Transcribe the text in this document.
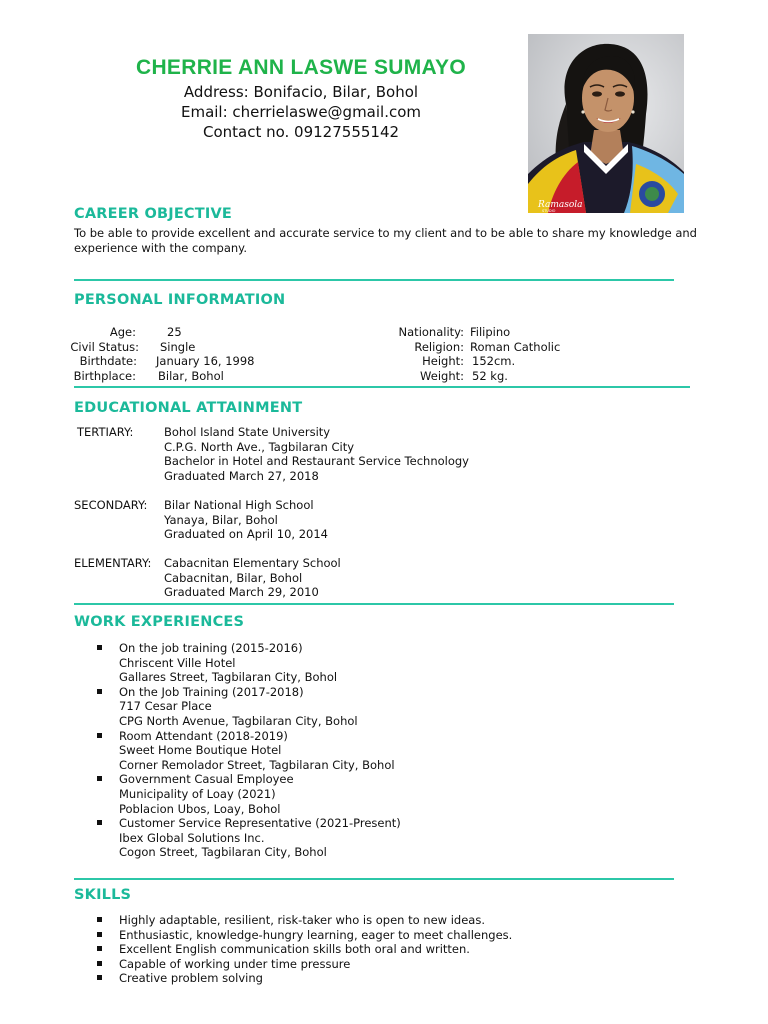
CHERRIE ANN LASWE SUMAYO
Address: Bonifacio, Bilar, Bohol
Email: cherrielaswe@gmail.com
Contact no. 09127555142
Ramasola
STUDIO
CAREER OBJECTIVE
To be able to provide excellent and accurate service to my client and to be able to share my knowledge and experience with the company.
PERSONAL INFORMATION
Age:	25
Civil Status: Single
Birthdate: January 16, 1998
Birthplace: Bilar, Bohol
Nationality: Filipino
Religion: Roman Catholic
Height: 152cm.
Weight: 52 kg.
EDUCATIONAL ATTAINMENT
TERTIARY:	Bohol Island State University
C.P.G. North Ave., Tagbilaran City
Bachelor in Hotel and Restaurant Service Technology
Graduated March 27, 2018
SECONDARY: Bilar National High School
Yanaya, Bilar, Bohol
Graduated on April 10, 2014
ELEMENTARY: Cabacnitan Elementary School
Cabacnitan, Bilar, Bohol
Graduated March 29, 2010
WORK EXPERIENCES
On the job training (2015-2016)
Chriscent Ville Hotel
Gallares Street, Tagbilaran City, Bohol
On the Job Training (2017-2018)
717 Cesar Place
CPG North Avenue, Tagbilaran City, Bohol
Room Attendant (2018-2019)
Sweet Home Boutique Hotel
Corner Remolador Street, Tagbilaran City, Bohol
Government Casual Employee
Municipality of Loay (2021)
Poblacion Ubos, Loay, Bohol
Customer Service Representative (2021-Present)
Ibex Global Solutions Inc.
Cogon Street, Tagbilaran City, Bohol
SKILLS
Highly adaptable, resilient, risk-taker who is open to new ideas.
Enthusiastic, knowledge-hungry learning, eager to meet challenges.
Excellent English communication skills both oral and written.
Capable of working under time pressure
Creative problem solving
